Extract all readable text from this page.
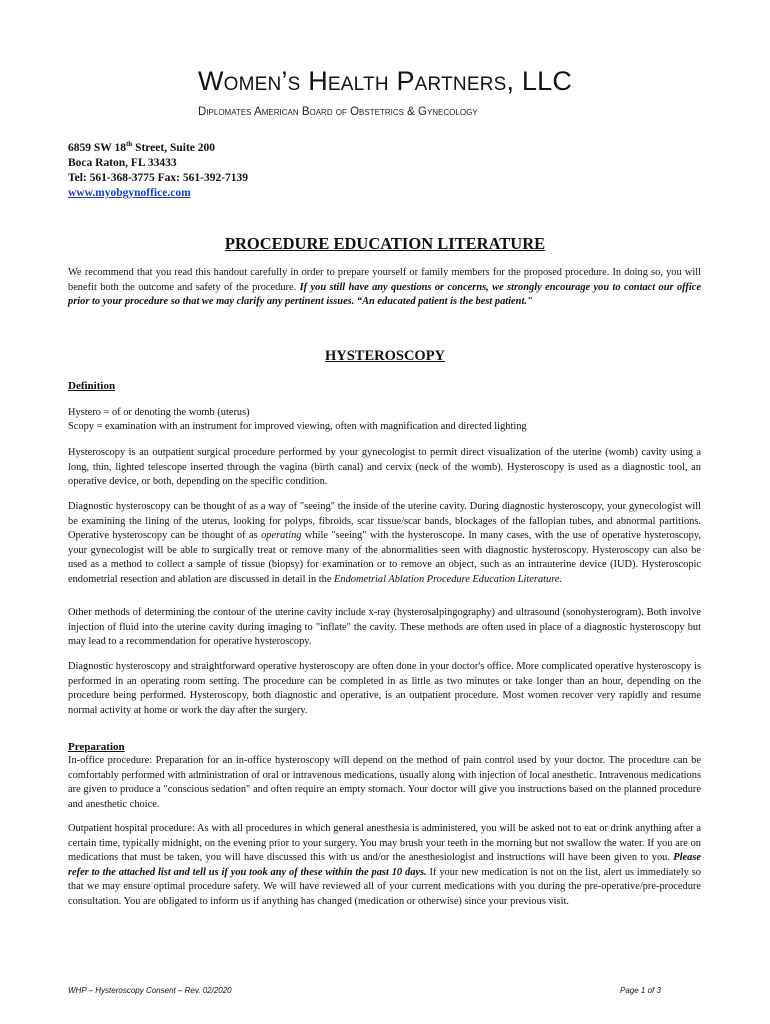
Women’s Health Partners, LLC
Diplomates American Board of Obstetrics & Gynecology
6859 SW 18th Street, Suite 200
Boca Raton, FL 33433
Tel: 561-368-3775 Fax: 561-392-7139
www.myobgynoffice.com
PROCEDURE EDUCATION LITERATURE
We recommend that you read this handout carefully in order to prepare yourself or family members for the proposed procedure. In doing so, you will benefit both the outcome and safety of the procedure. If you still have any questions or concerns, we strongly encourage you to contact our office prior to your procedure so that we may clarify any pertinent issues. “An educated patient is the best patient."
HYSTEROSCOPY
Definition
Hystero = of or denoting the womb (uterus)
Scopy = examination with an instrument for improved viewing, often with magnification and directed lighting
Hysteroscopy is an outpatient surgical procedure performed by your gynecologist to permit direct visualization of the uterine (womb) cavity using a long, thin, lighted telescope inserted through the vagina (birth canal) and cervix (neck of the womb). Hysteroscopy is used as a diagnostic tool, an operative device, or both, depending on the specific condition.
Diagnostic hysteroscopy can be thought of as a way of "seeing" the inside of the uterine cavity. During diagnostic hysteroscopy, your gynecologist will be examining the lining of the uterus, looking for polyps, fibroids, scar tissue/scar bands, blockages of the fallopian tubes, and abnormal partitions. Operative hysteroscopy can be thought of as operating while "seeing" with the hysteroscope. In many cases, with the use of operative hysteroscopy, your gynecologist will be able to surgically treat or remove many of the abnormalities seen with diagnostic hysteroscopy. Hysteroscopy can also be used as a method to collect a sample of tissue (biopsy) for examination or to remove an object, such as an intrauterine device (IUD). Hysteroscopic endometrial resection and ablation are discussed in detail in the Endometrial Ablation Procedure Education Literature.
Other methods of determining the contour of the uterine cavity include x-ray (hysterosalpingography) and ultrasound (sonohysterogram). Both involve injection of fluid into the uterine cavity during imaging to "inflate" the cavity. These methods are often used in place of a diagnostic hysteroscopy but may lead to a recommendation for operative hysteroscopy.
Diagnostic hysteroscopy and straightforward operative hysteroscopy are often done in your doctor's office. More complicated operative hysteroscopy is performed in an operating room setting. The procedure can be completed in as little as two minutes or take longer than an hour, depending on the procedure being performed. Hysteroscopy, both diagnostic and operative, is an outpatient procedure. Most women recover very rapidly and resume normal activity at home or work the day after the surgery.
Preparation
In-office procedure: Preparation for an in-office hysteroscopy will depend on the method of pain control used by your doctor. The procedure can be comfortably performed with administration of oral or intravenous medications, usually along with injection of local anesthetic. Intravenous medications are given to produce a "conscious sedation" and often require an empty stomach. Your doctor will give you instructions based on the planned procedure and anesthetic choice.
Outpatient hospital procedure: As with all procedures in which general anesthesia is administered, you will be asked not to eat or drink anything after a certain time, typically midnight, on the evening prior to your surgery. You may brush your teeth in the morning but not swallow the water. If you are on medications that must be taken, you will have discussed this with us and/or the anesthesiologist and instructions will have been given to you. Please refer to the attached list and tell us if you took any of these within the past 10 days. If your new medication is not on the list, alert us immediately so that we may ensure optimal procedure safety. We will have reviewed all of your current medications with you during the pre-operative/pre-procedure consultation. You are obligated to inform us if anything has changed (medication or otherwise) since your previous visit.
WHP – Hysteroscopy Consent – Rev. 02/2020	Page 1 of 3
